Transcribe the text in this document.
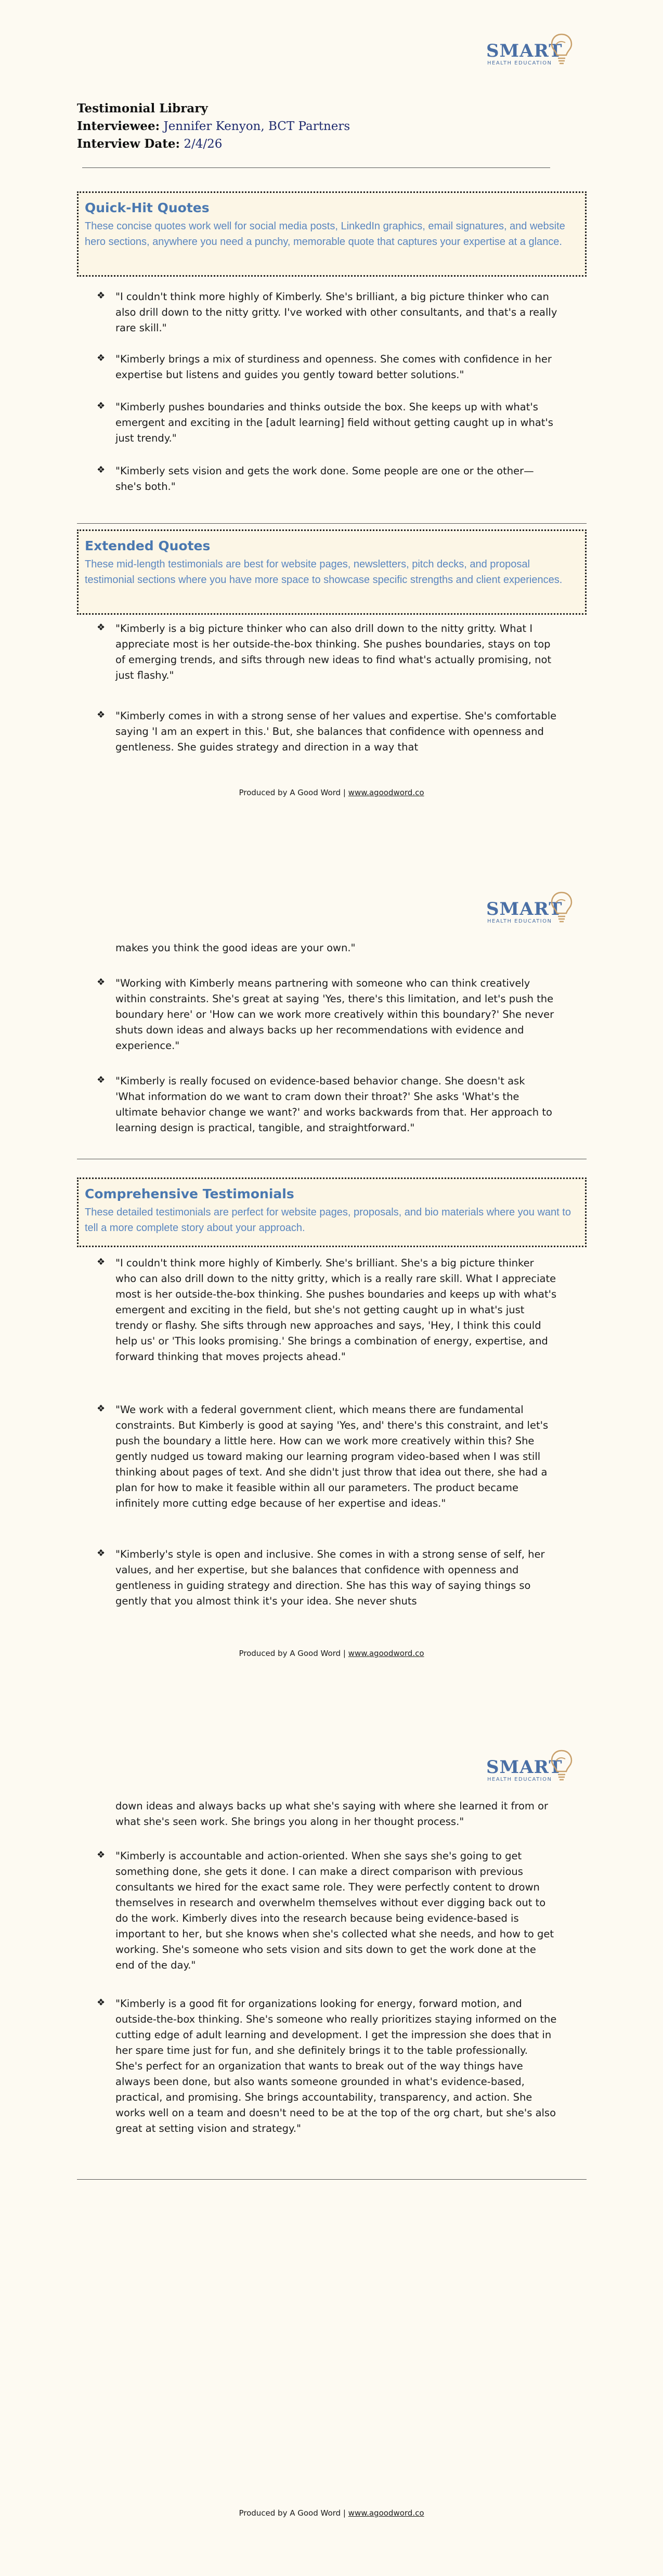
SMART
HEALTH EDUCATION
Testimonial Library
Interviewee: Jennifer Kenyon, BCT Partners
Interview Date: 2/4/26
Quick-Hit Quotes

These concise quotes work well for social media posts, LinkedIn graphics, email signatures, and website hero sections, anywhere you need a punchy, memorable quote that captures your expertise at a glance.

❖ "I couldn't think more highly of Kimberly. She's brilliant, a big picture thinker who can also drill down to the nitty gritty. I've worked with other consultants, and that's a really rare skill."

❖ "Kimberly brings a mix of sturdiness and openness. She comes with confidence in her expertise but listens and guides you gently toward better solutions."

❖ "Kimberly pushes boundaries and thinks outside the box. She keeps up with what's emergent and exciting in the [adult learning] field without getting caught up in what's just trendy."

❖ "Kimberly sets vision and gets the work done. Some people are one or the other—she's both."

Extended Quotes

These mid-length testimonials are best for website pages, newsletters, pitch decks, and proposal testimonial sections where you have more space to showcase specific strengths and client experiences.

❖ "Kimberly is a big picture thinker who can also drill down to the nitty gritty. What I appreciate most is her outside-the-box thinking. She pushes boundaries, stays on top of emerging trends, and sifts through new ideas to find what's actually promising, not just flashy."

❖ "Kimberly comes in with a strong sense of her values and expertise. She's comfortable saying 'I am an expert in this.' But, she balances that confidence with openness and gentleness. She guides strategy and direction in a way that

Produced by A Good Word | www.agoodword.co
SMART
HEALTH EDUCATION

makes you think the good ideas are your own."

❖ "Working with Kimberly means partnering with someone who can think creatively within constraints. She's great at saying 'Yes, there's this limitation, and let's push the boundary here' or 'How can we work more creatively within this boundary?' She never shuts down ideas and always backs up her recommendations with evidence and experience."

❖ "Kimberly is really focused on evidence-based behavior change. She doesn't ask 'What information do we want to cram down their throat?' She asks 'What's the ultimate behavior change we want?' and works backwards from that. Her approach to learning design is practical, tangible, and straightforward."

Comprehensive Testimonials

These detailed testimonials are perfect for website pages, proposals, and bio materials where you want to tell a more complete story about your approach.

❖ "I couldn't think more highly of Kimberly. She's brilliant. She's a big picture thinker who can also drill down to the nitty gritty, which is a really rare skill. What I appreciate most is her outside-the-box thinking. She pushes boundaries and keeps up with what's emergent and exciting in the field, but she's not getting caught up in what's just trendy or flashy. She sifts through new approaches and says, 'Hey, I think this could help us' or 'This looks promising.' She brings a combination of energy, expertise, and forward thinking that moves projects ahead."

❖ "We work with a federal government client, which means there are fundamental constraints. But Kimberly is good at saying 'Yes, and' there's this constraint, and let's push the boundary a little here. How can we work more creatively within this? She gently nudged us toward making our learning program video-based when I was still thinking about pages of text. And she didn't just throw that idea out there, she had a plan for how to make it feasible within all our parameters. The product became infinitely more cutting edge because of her expertise and ideas."

❖ "Kimberly's style is open and inclusive. She comes in with a strong sense of self, her values, and her expertise, but she balances that confidence with openness and gentleness in guiding strategy and direction. She has this way of saying things so gently that you almost think it's your idea. She never shuts

Produced by A Good Word | www.agoodword.co
SMART
HEALTH EDUCATION

down ideas and always backs up what she's saying with where she learned it from or what she's seen work. She brings you along in her thought process."

❖ "Kimberly is accountable and action-oriented. When she says she's going to get something done, she gets it done. I can make a direct comparison with previous consultants we hired for the exact same role. They were perfectly content to drown themselves in research and overwhelm themselves without ever digging back out to do the work. Kimberly dives into the research because being evidence-based is important to her, but she knows when she's collected what she needs, and how to get working. She's someone who sets vision and sits down to get the work done at the end of the day."

❖ "Kimberly is a good fit for organizations looking for energy, forward motion, and outside-the-box thinking. She's someone who really prioritizes staying informed on the cutting edge of adult learning and development. I get the impression she does that in her spare time just for fun, and she definitely brings it to the table professionally. She's perfect for an organization that wants to break out of the way things have always been done, but also wants someone grounded in what's evidence-based, practical, and promising. She brings accountability, transparency, and action. She works well on a team and doesn't need to be at the top of the org chart, but she's also great at setting vision and strategy."

Produced by A Good Word | www.agoodword.co
